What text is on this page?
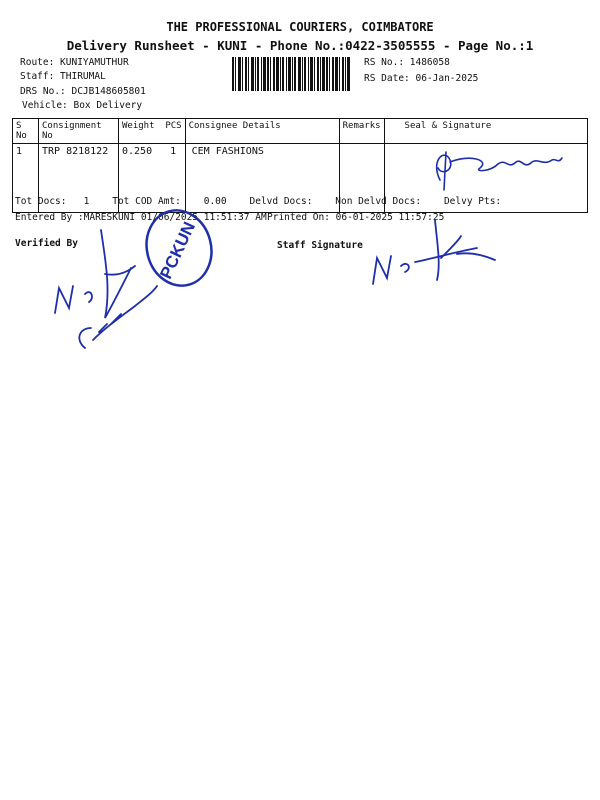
THE PROFESSIONAL COURIERS, COIMBATORE
Delivery Runsheet - KUNI - Phone No.:0422-3505555 - Page No.:1
Route: KUNIYAMUTHUR
Staff: THIRUMAL
DRS No.: DCJB148605801
Vehicle: Box Delivery
RS No.: 1486058
RS Date: 06-Jan-2025
S No	Consignment No	Weight  PCS	Consignee Details	Remarks	Seal & Signature
1	TRP 8218122	0.250   1	CEM FASHIONS		
Tot Docs:   1    Tot COD Amt:    0.00    Delvd Docs:    Non Delvd Docs:    Delvy Pts:
Entered By :MARESKUNI 01/06/2025 11:51:37 AM Printed On: 06-01-2025 11:57:25
Verified By	Staff Signature
PCKUN
